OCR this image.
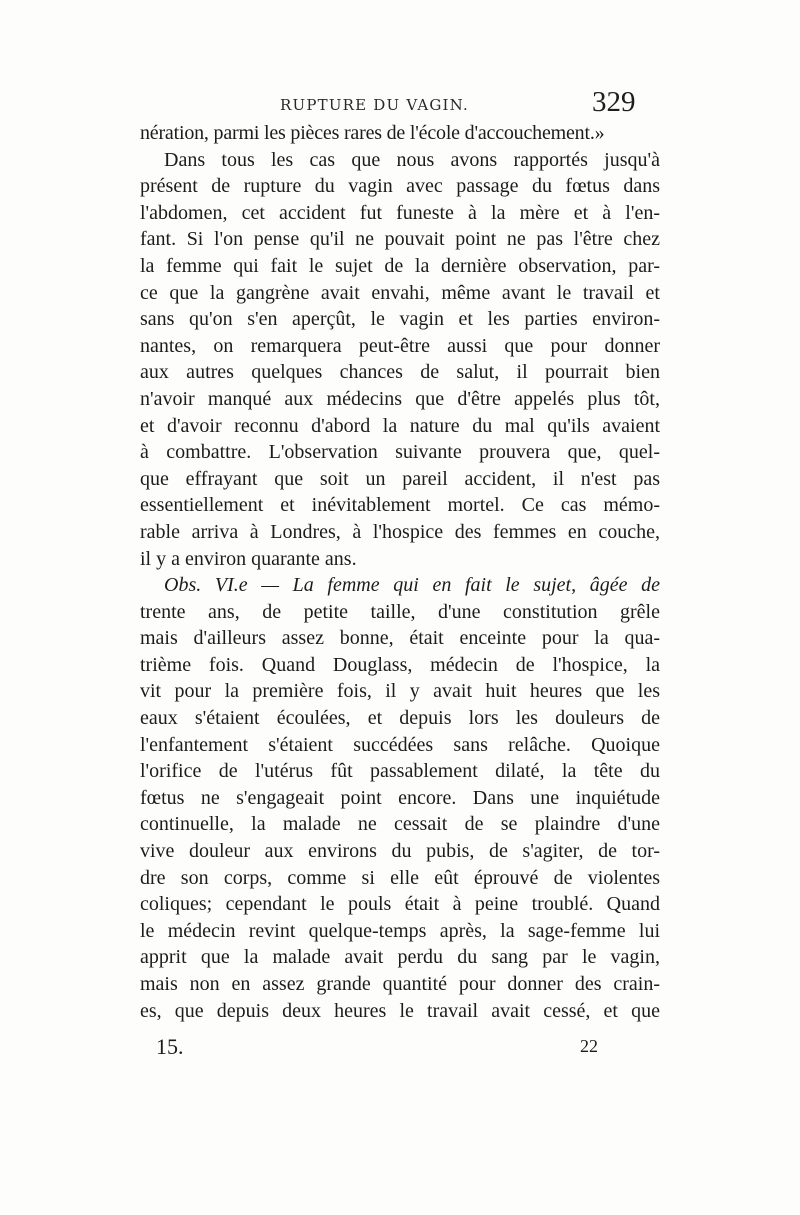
RUPTURE DU VAGIN.	329
nération, parmi les pièces rares de l'école d'accouchement.»
Dans tous les cas que nous avons rapportés jusqu'à
présent de rupture du vagin avec passage du fœtus dans
l'abdomen, cet accident fut funeste à la mère et à l'en-
fant. Si l'on pense qu'il ne pouvait point ne pas l'être chez
la femme qui fait le sujet de la dernière observation, par-
ce que la gangrène avait envahi, même avant le travail et
sans qu'on s'en aperçût, le vagin et les parties environ-
nantes, on remarquera peut-être aussi que pour donner
aux autres quelques chances de salut, il pourrait bien
n'avoir manqué aux médecins que d'être appelés plus tôt,
et d'avoir reconnu d'abord la nature du mal qu'ils avaient
à combattre. L'observation suivante prouvera que, quel-
que effrayant que soit un pareil accident, il n'est pas
essentiellement et inévitablement mortel. Ce cas mémo-
rable arriva à Londres, à l'hospice des femmes en couche,
il y a environ quarante ans.
Obs. VI.e — La femme qui en fait le sujet, âgée de
trente ans, de petite taille, d'une constitution grêle
mais d'ailleurs assez bonne, était enceinte pour la qua-
trième fois. Quand Douglass, médecin de l'hospice, la
vit pour la première fois, il y avait huit heures que les
eaux s'étaient écoulées, et depuis lors les douleurs de
l'enfantement s'étaient succédées sans relâche. Quoique
l'orifice de l'utérus fût passablement dilaté, la tête du
fœtus ne s'engageait point encore. Dans une inquiétude
continuelle, la malade ne cessait de se plaindre d'une
vive douleur aux environs du pubis, de s'agiter, de tor-
dre son corps, comme si elle eût éprouvé de violentes
coliques; cependant le pouls était à peine troublé. Quand
le médecin revint quelque-temps après, la sage-femme lui
apprit que la malade avait perdu du sang par le vagin,
mais non en assez grande quantité pour donner des crain-
es, que depuis deux heures le travail avait cessé, et que
15.	22
